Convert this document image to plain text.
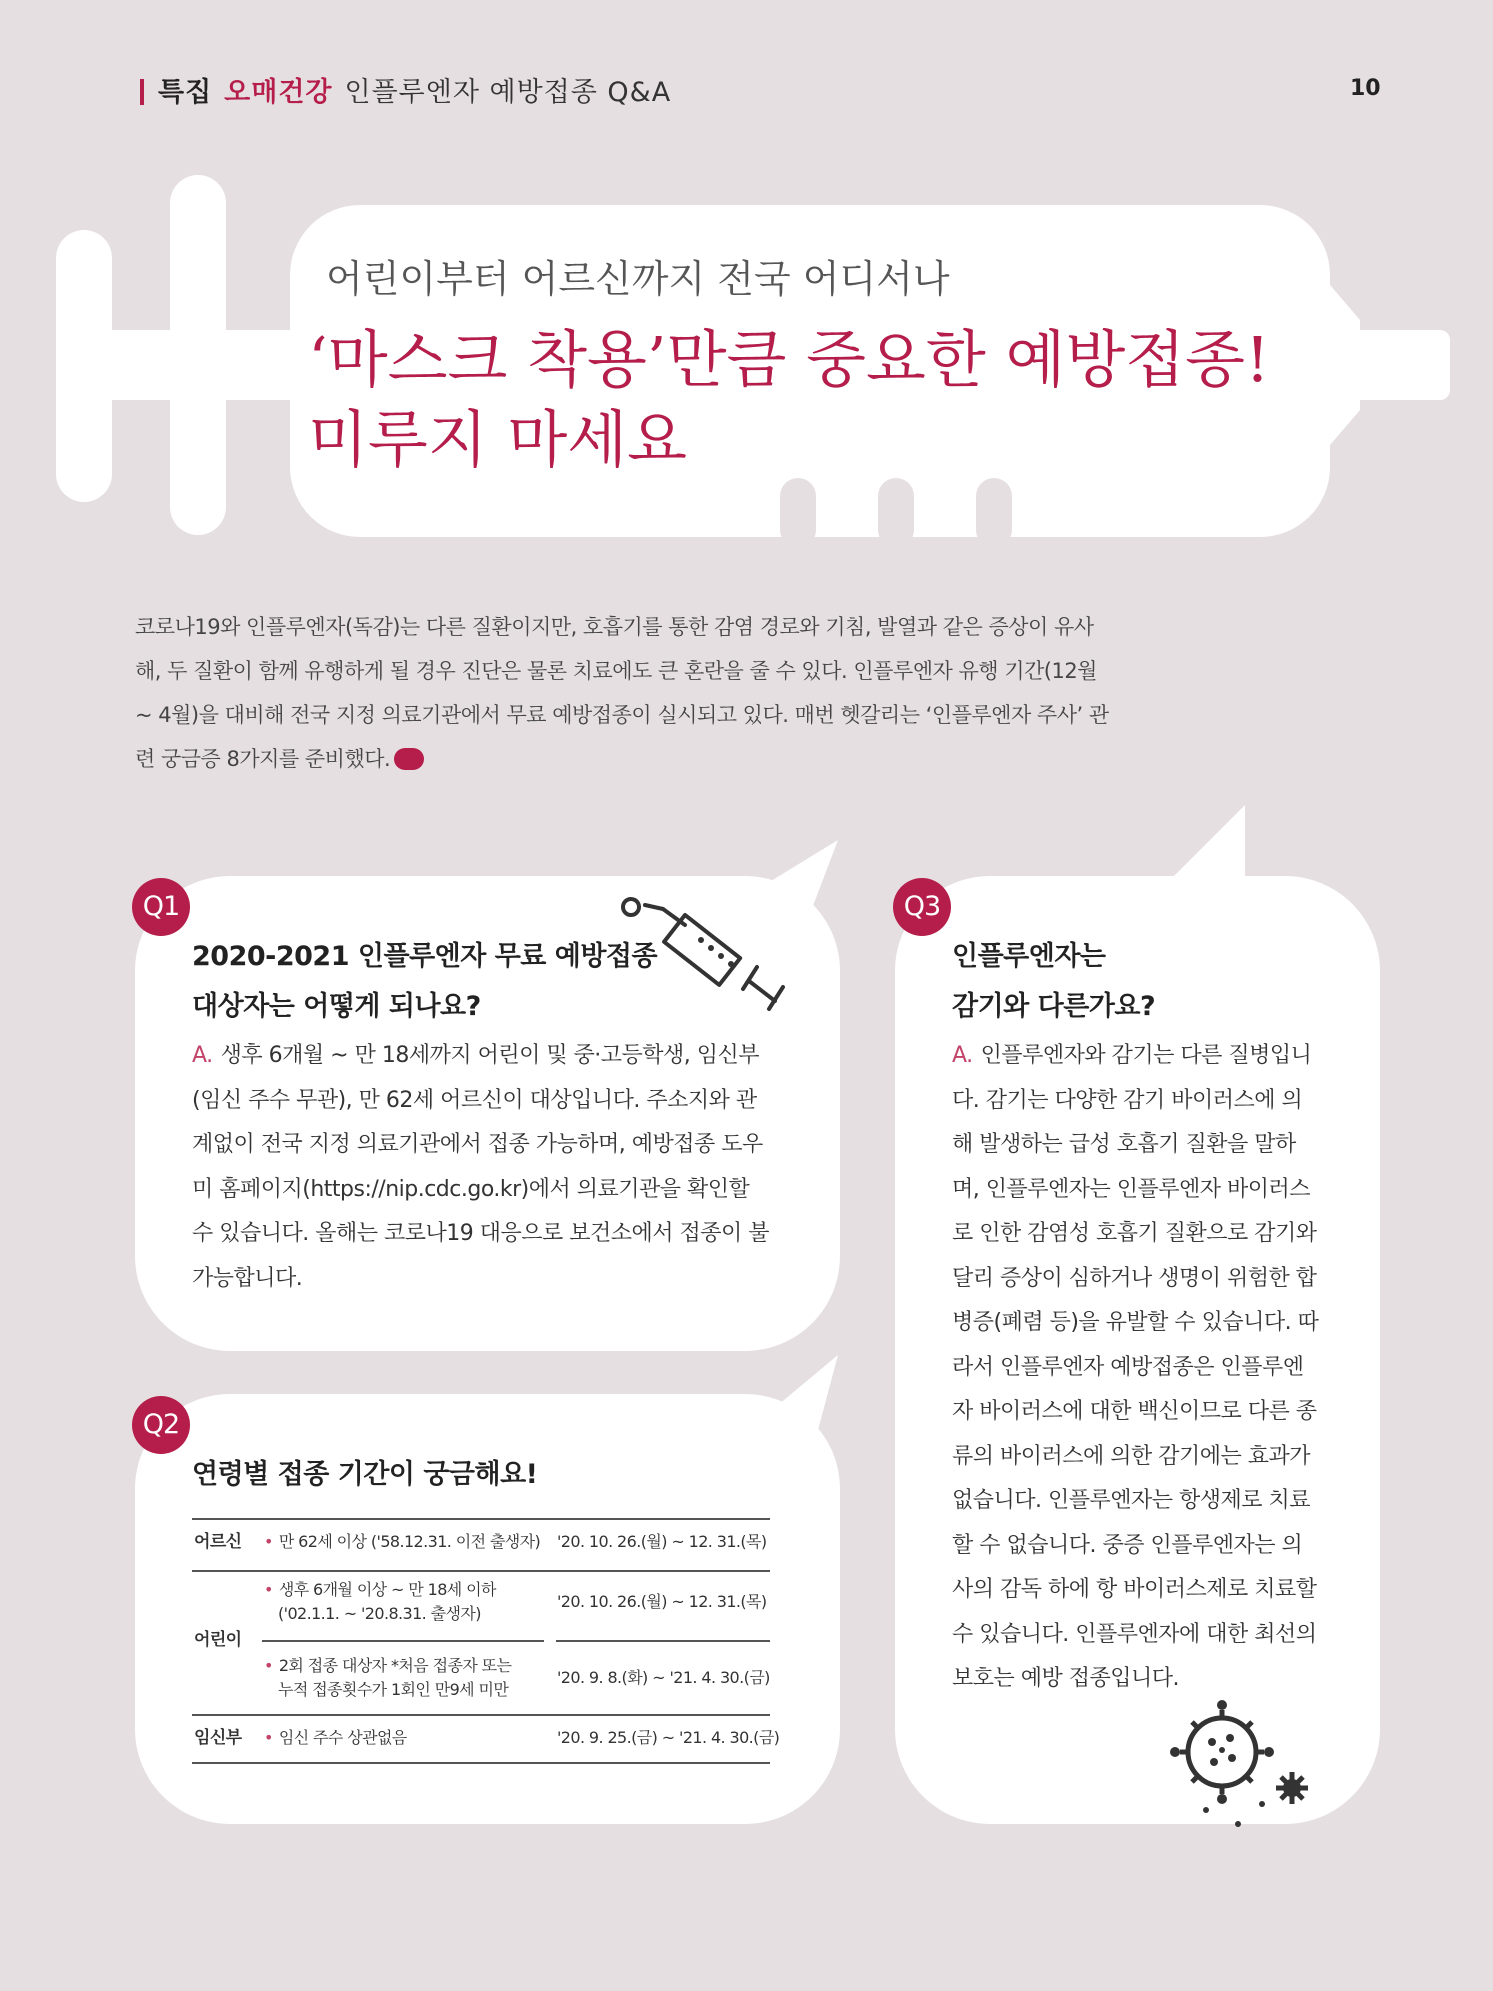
특집 오매건강 인플루엔자 예방접종 Q&A	10
어린이부터 어르신까지 전국 어디서나
‘마스크 착용’만큼 중요한 예방접종!
미루지 마세요
코로나19와 인플루엔자(독감)는 다른 질환이지만, 호흡기를 통한 감염 경로와 기침, 발열과 같은 증상이 유사해, 두 질환이 함께 유행하게 될 경우 진단은 물론 치료에도 큰 혼란을 줄 수 있다. 인플루엔자 유행 기간(12월 ~ 4월)을 대비해 전국 지정 의료기관에서 무료 예방접종이 실시되고 있다. 매번 헷갈리는 ‘인플루엔자 주사’ 관련 궁금증 8가지를 준비했다.
Q1
2020-2021 인플루엔자 무료 예방접종
대상자는 어떻게 되나요?
A. 생후 6개월 ~ 만 18세까지 어린이 및 중·고등학생, 임신부(임신 주수 무관), 만 62세 어르신이 대상입니다. 주소지와 관계없이 전국 지정 의료기관에서 접종 가능하며, 예방접종 도우미 홈페이지(https://nip.cdc.go.kr)에서 의료기관을 확인할 수 있습니다. 올해는 코로나19 대응으로 보건소에서 접종이 불가능합니다.
Q2
연령별 접종 기간이 궁금해요!
어르신 • 만 62세 이상 ('58.12.31. 이전 출생자) '20. 10. 26.(월) ~ 12. 31.(목)
어린이
• 생후 6개월 이상 ~ 만 18세 이하
('02.1.1. ~ '20.8.31. 출생자)
'20. 10. 26.(월) ~ 12. 31.(목)
• 2회 접종 대상자 *처음 접종자 또는
누적 접종횟수가 1회인 만9세 미만
'20. 9. 8.(화) ~ '21. 4. 30.(금)
임신부 • 임신 주수 상관없음	'20. 9. 25.(금) ~ '21. 4. 30.(금)
Q3
인플루엔자는
감기와 다른가요?
A. 인플루엔자와 감기는 다른 질병입니다. 감기는 다양한 감기 바이러스에 의해 발생하는 급성 호흡기 질환을 말하며, 인플루엔자는 인플루엔자 바이러스로 인한 감염성 호흡기 질환으로 감기와 달리 증상이 심하거나 생명이 위험한 합병증(폐렴 등)을 유발할 수 있습니다. 따라서 인플루엔자 예방접종은 인플루엔자 바이러스에 대한 백신이므로 다른 종류의 바이러스에 의한 감기에는 효과가 없습니다. 인플루엔자는 항생제로 치료할 수 없습니다. 중증 인플루엔자는 의사의 감독 하에 항 바이러스제로 치료할 수 있습니다. 인플루엔자에 대한 최선의 보호는 예방 접종입니다.
